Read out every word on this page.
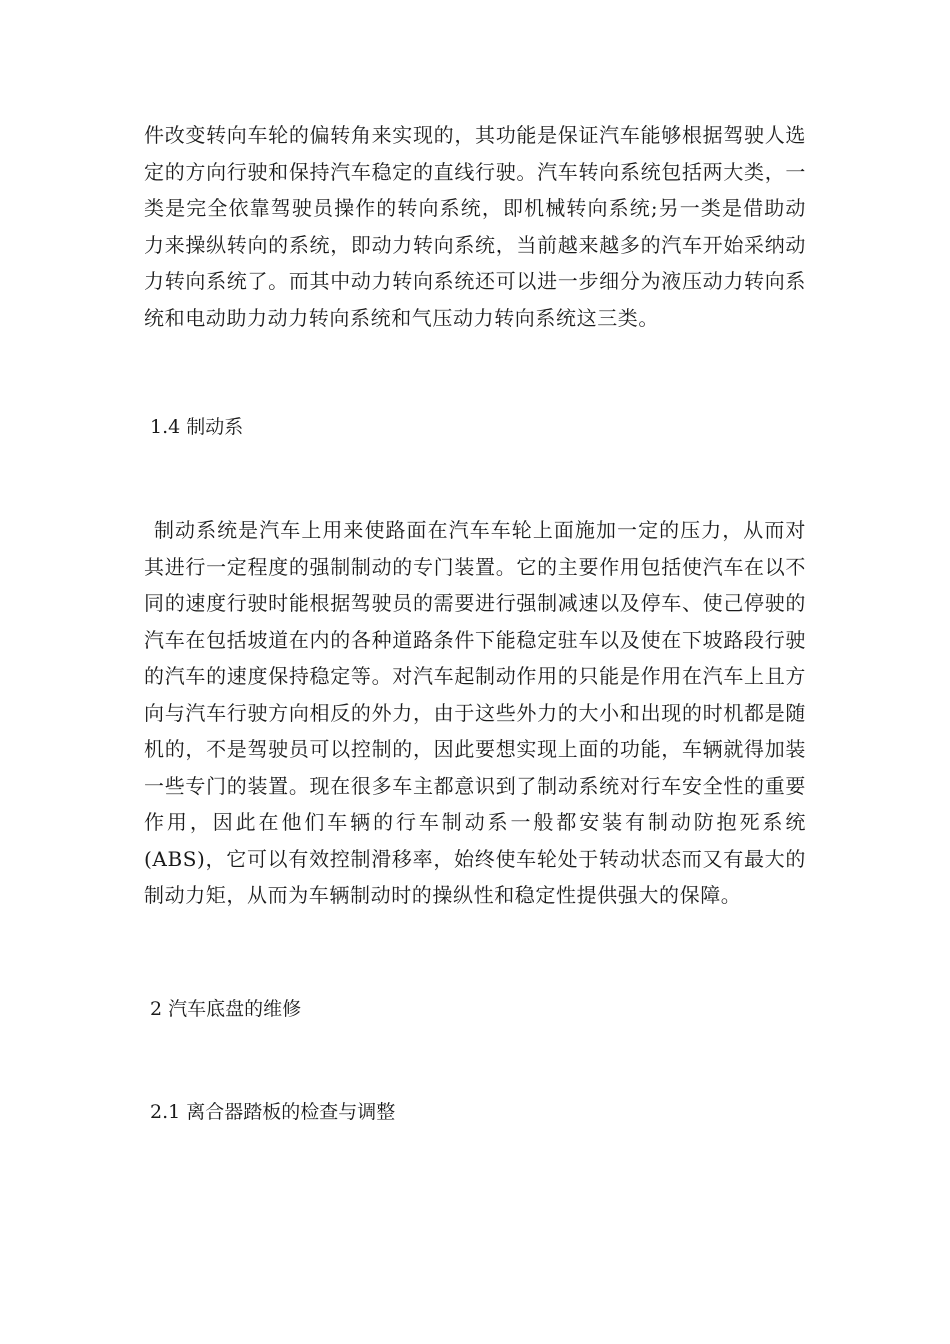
件改变转向车轮的偏转角来实现的，其功能是保证汽车能够根据驾驶人选定的方向行驶和保持汽车稳定的直线行驶。汽车转向系统包括两大类，一类是完全依靠驾驶员操作的转向系统，即机械转向系统;另一类是借助动力来操纵转向的系统，即动力转向系统，当前越来越多的汽车开始采纳动力转向系统了。而其中动力转向系统还可以进一步细分为液压动力转向系统和电动助力动力转向系统和气压动力转向系统这三类。

1.4 制动系

制动系统是汽车上用来使路面在汽车车轮上面施加一定的压力，从而对其进行一定程度的强制制动的专门装置。它的主要作用包括使汽车在以不同的速度行驶时能根据驾驶员的需要进行强制减速以及停车、使己停驶的汽车在包括坡道在内的各种道路条件下能稳定驻车以及使在下坡路段行驶的汽车的速度保持稳定等。对汽车起制动作用的只能是作用在汽车上且方向与汽车行驶方向相反的外力，由于这些外力的大小和出现的时机都是随机的，不是驾驶员可以控制的，因此要想实现上面的功能，车辆就得加装一些专门的装置。现在很多车主都意识到了制动系统对行车安全性的重要作用，因此在他们车辆的行车制动系一般都安装有制动防抱死系统(ABS)，它可以有效控制滑移率，始终使车轮处于转动状态而又有最大的制动力矩，从而为车辆制动时的操纵性和稳定性提供强大的保障。

2 汽车底盘的维修

2.1 离合器踏板的检查与调整
